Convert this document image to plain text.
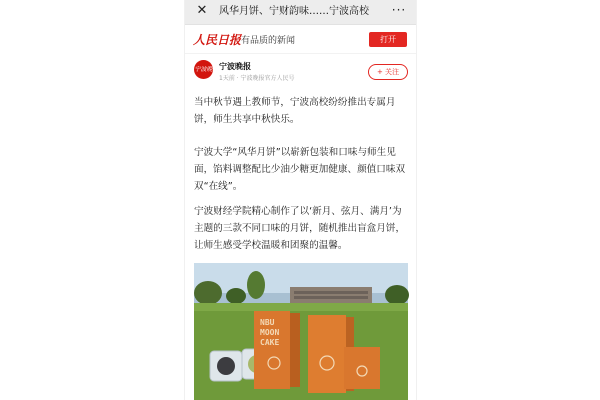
✕ 风华月饼、宁财韵味……宁波高校	···
人民日报 有品质的新闻	打开
宁波晚报
宁波晚报
1天前 · 宁波晚报官方人民号
+ 关注
当中秋节遇上教师节，宁波高校纷纷推出专属月饼，师生共享中秋快乐。
宁波大学“风华月饼”以崭新包装和口味与师生见面，馅料调整配比少油少糖更加健康、颜值口味双双“在线”。
宁波财经学院精心制作了以‘新月、弦月、满月’为主题的三款不同口味的月饼，随机推出盲盒月饼，让师生感受学校温暖和团聚的温馨。
NBU
MOON
CAKE
